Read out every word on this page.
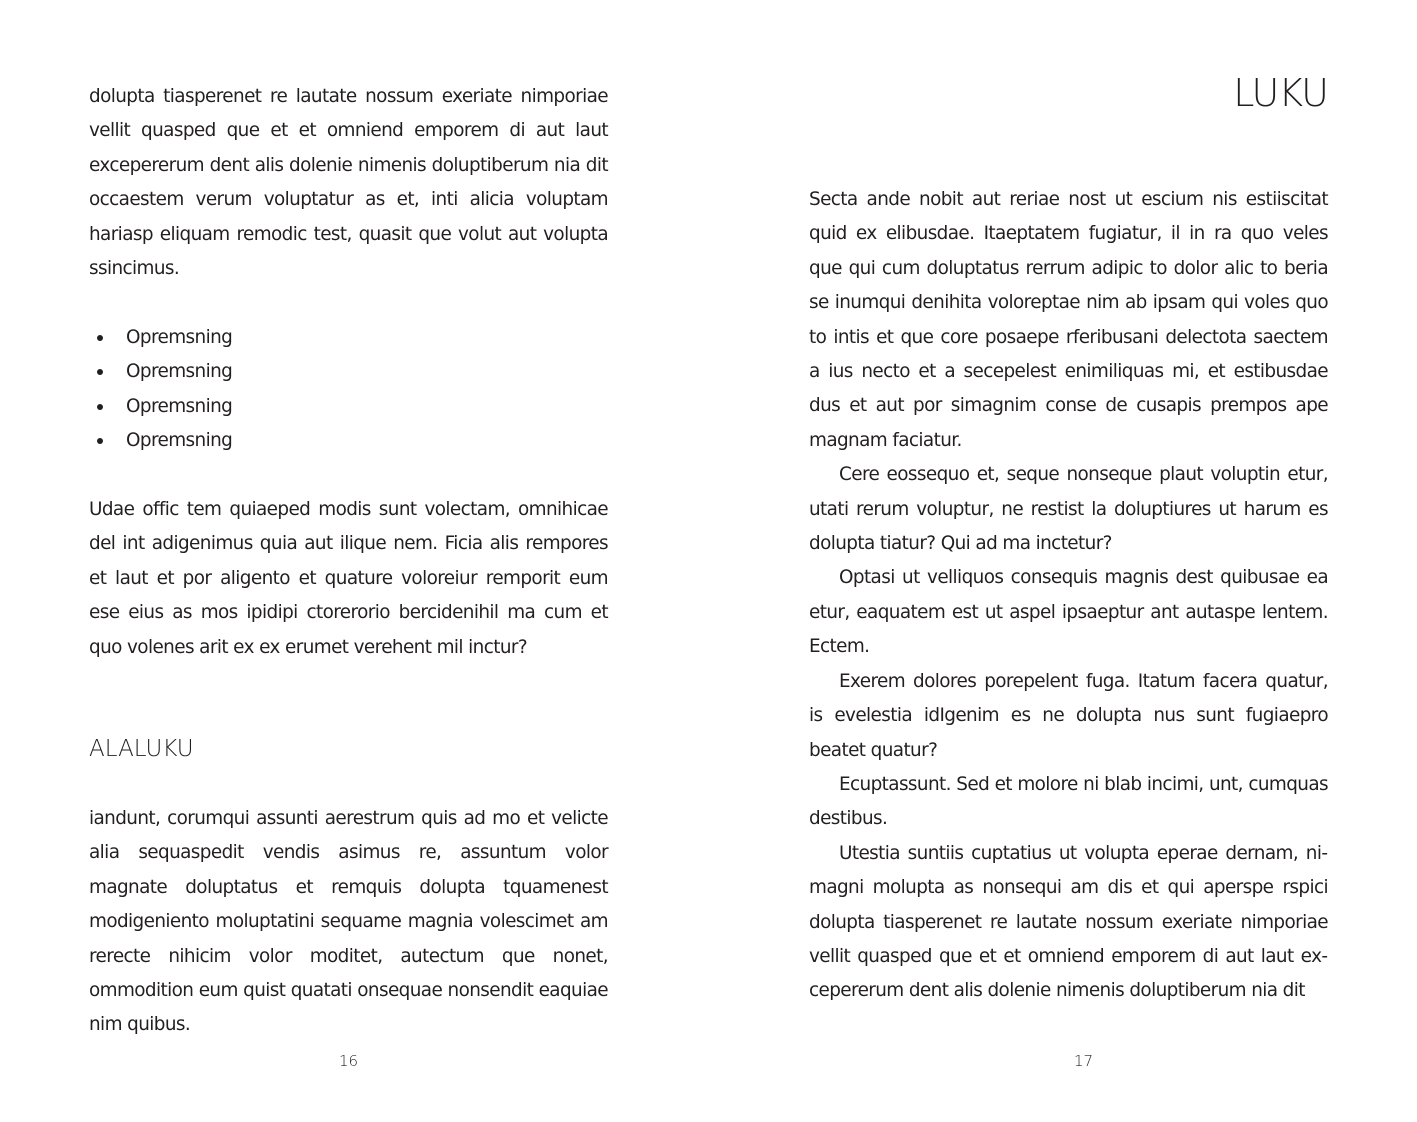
dolupta tiasperenet re lautate nossum exeriate nimporiae vellit quasped que et et omniend emporem di aut laut excepererum dent alis dolenie nimenis doluptiberum nia dit occaestem verum voluptatur as et, inti alicia voluptam hariasp eliquam remodic test, quasit que volut aut volupta ssincimus.

Opremsning
Opremsning
Opremsning
Opremsning

Udae offic tem quiaeped modis sunt volectam, omnihicae del int adigenimus quia aut ilique nem. Ficia alis rempores et laut et por aligento et quature voloreiur remporit eum ese eius as mos ipidipi ctorerorio bercidenihil ma cum et quo volenes arit ex ex erumet verehent mil inctur?

ALALUKU

iandunt, corumqui assunti aerestrum quis ad mo et velicte alia sequaspedit vendis asimus re, assuntum volor magnate doluptatus et remquis dolupta tquamenest modigeniento moluptatini sequame magnia volescimet am rerecte nihicim volor moditet, autectum que nonet, ommodition eum quist quatati onsequae nonsendit eaquiae nim quibus.

16
LUKU

Secta ande nobit aut reriae nost ut escium nis estiiscitat quid ex elibusdae. Itaeptatem fugiatur, il in ra quo veles que qui cum doluptatus rerrum adipic to dolor alic to beria se inumqui denihita voloreptae nim ab ipsam qui voles quo to intis et que core posaepe rferibusani delectota saectem a ius necto et a secepelest enimiliquas mi, et estibusdae dus et aut por simagnim conse de cusapis prempos ape magnam faciatur.

Cere eossequo et, seque nonseque plaut voluptin etur, utati rerum voluptur, ne restist la doluptiures ut harum es dolupta tiatur? Qui ad ma inctetur?

Optasi ut velliquos consequis magnis dest quibusae ea etur, eaquatem est ut aspel ipsaeptur ant autaspe lentem. Ectem.

Exerem dolores porepelent fuga. Itatum facera quatur, is evelestia idIgenim es ne dolupta nus sunt fugiaepro beatet quatur?

Ecuptassunt. Sed et molore ni blab incimi, unt, cumquas destibus.

Utestia suntiis cuptatius ut volupta eperae dernam, nimagni molupta as nonsequi am dis et qui aperspe rspici dolupta tiasperenet re lautate nossum exeriate nimporiae vellit quasped que et et omniend emporem di aut laut excepererum dent alis dolenie nimenis doluptiberum nia dit

17
